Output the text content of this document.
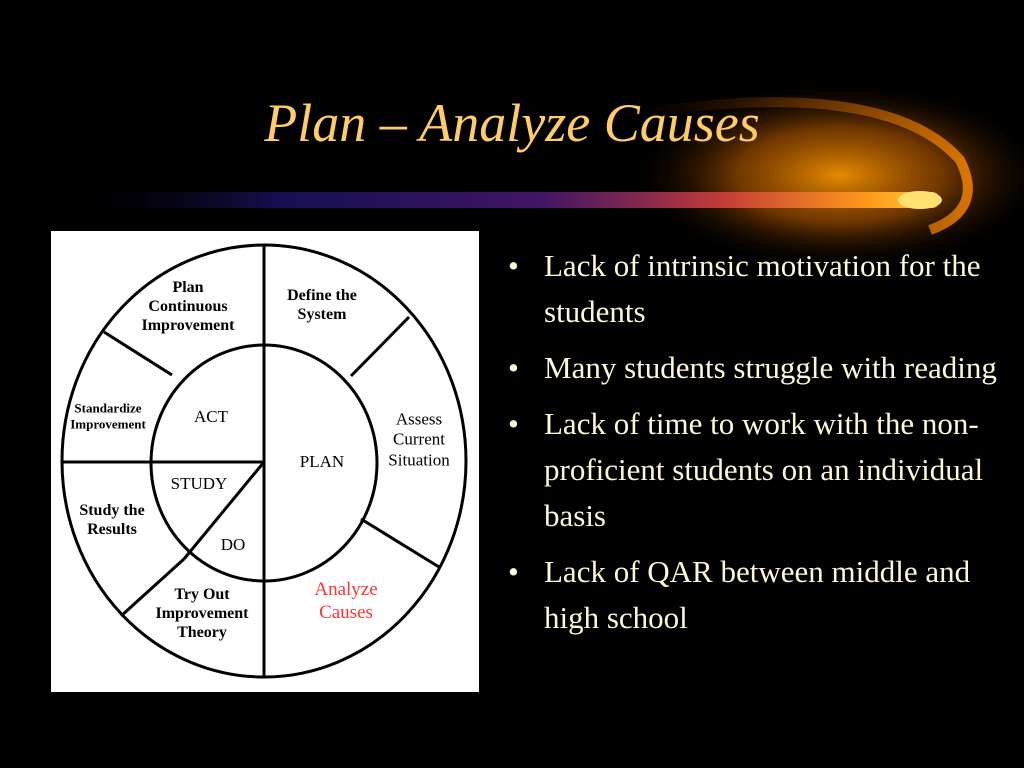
Plan – Analyze Causes
Plan
Continuous
Improvement
Define the
System
Assess
Current
Situation
Analyze
Causes
Try Out
Improvement
Theory
Study the
Results
Standardize
Improvement	ACT
PLAN
STUDY
DO
• Lack of intrinsic motivation for the students
• Many students struggle with reading
• Lack of time to work with the non-proficient students on an individual basis
• Lack of QAR between middle and high school
